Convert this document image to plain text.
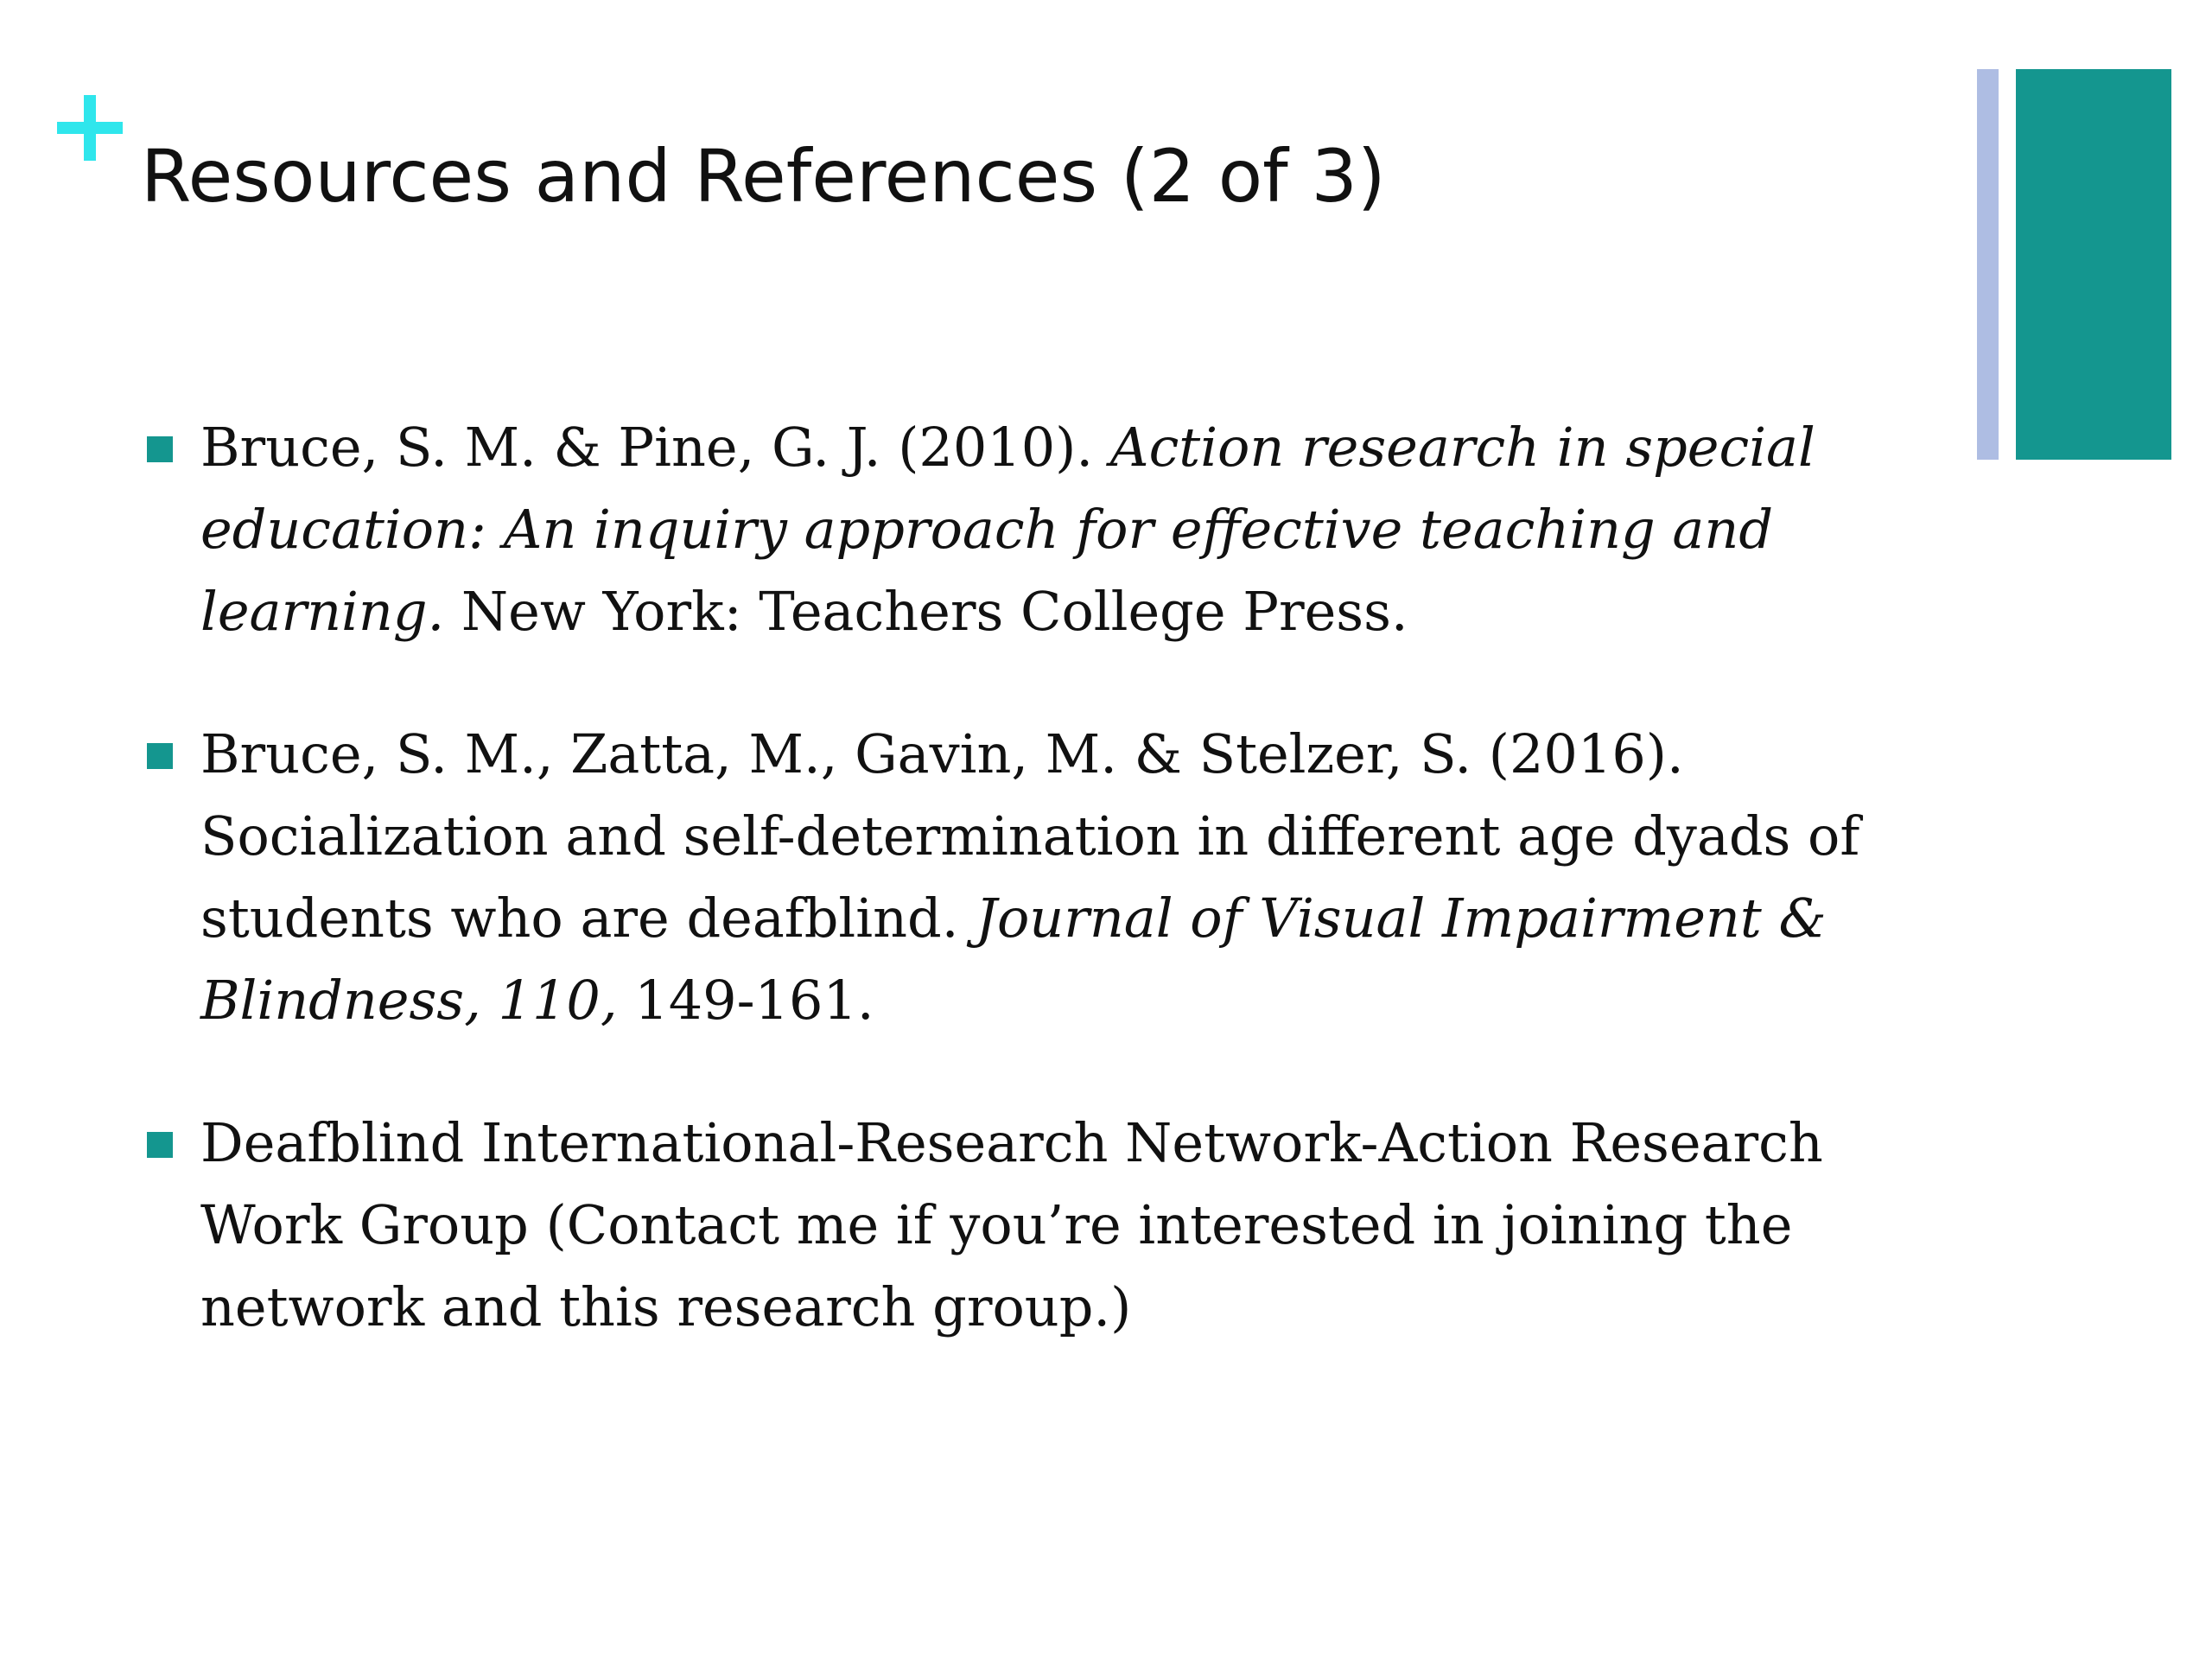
Resources and References (2 of 3)
Bruce, S. M. & Pine, G. J. (2010). Action research in special education: An inquiry approach for effective teaching and learning. New York: Teachers College Press.
Bruce, S. M., Zatta, M., Gavin, M. & Stelzer, S. (2016). Socialization and self-determination in different age dyads of students who are deafblind. Journal of Visual Impairment & Blindness, 110, 149-161.
Deafblind International-Research Network-Action Research Work Group (Contact me if you’re interested in joining the network and this research group.)
